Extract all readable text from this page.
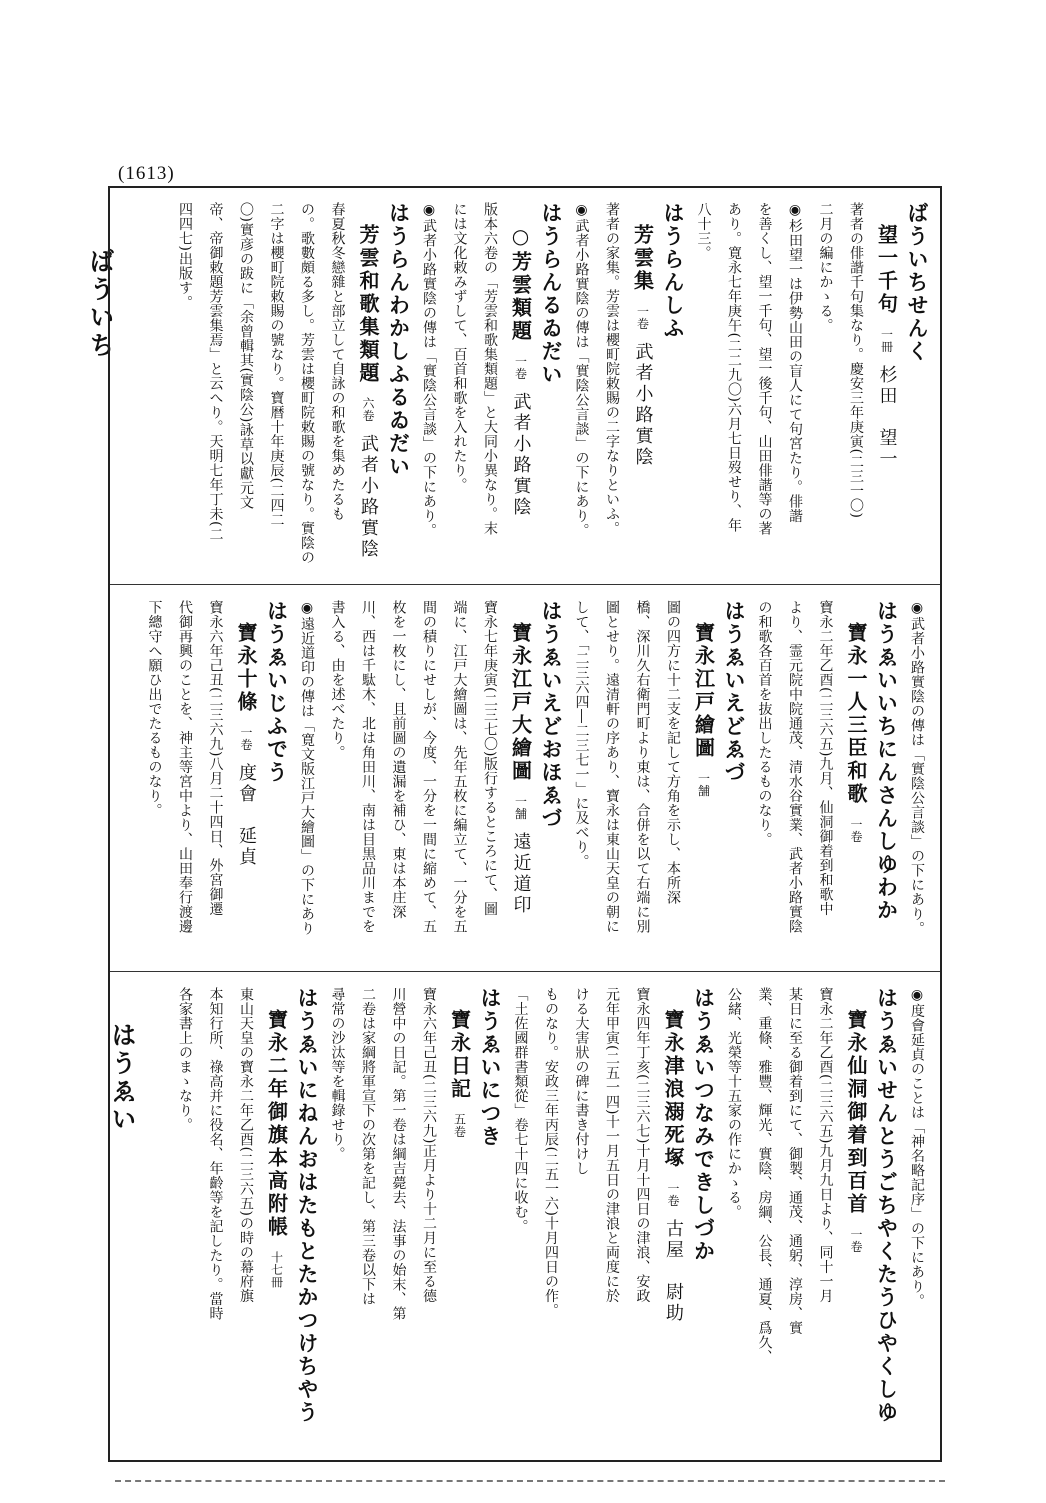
(1613)
ばういち
はうゑい
ばういちせんく
望一千句一冊杉田　望一
著者の俳諧千句集なり。慶安三年庚寅(二三一〇)
二月の編にかゝる。
◉杉田望一は伊勢山田の盲人にて句宮たり。俳諧
を善くし、望一千句、望一後千句、山田俳諧等の著
あり。寛永七年庚午(二二九〇)六月七日歿せり、年
八十三。
はうらんしふ
芳雲集一卷武者小路實陰
著者の家集。芳雲は櫻町院敕賜の二字なりといふ。
◉武者小路實陰の傳は「實陰公言談」の下にあり。
はうらんるゐだい
○芳雲類題一卷武者小路實陰
版本六卷の「芳雲和歌集類題」と大同小異なり。末
には文化敕みずして、百首和歌を入れたり。
◉武者小路實陰の傳は「實陰公言談」の下にあり。
はうらんわかしふるゐだい
芳雲和歌集類題六卷武者小路實陰
春夏秋冬戀雜と部立して自詠の和歌を集めたるも
の。歌數頗る多し。芳雲は櫻町院敕賜の號なり。實陰の
二字は櫻町院敕賜の號なり。寶暦十年庚辰(二四二
〇)實彦の跋に「余曾輯其(實陰公)詠草以獻元文
帝、帝御敕題芳雲集焉」と云へり。天明七年丁未(二
四四七)出版す。
◉武者小路實陰の傳は「實陰公言談」の下にあり。
はうゑいいちにんさんしゆわか
寶永一人三臣和歌一卷
寶永二年乙酉(二三六五)九月、仙洞御着到和歌中
より、霊元院中院通茂、清水谷實業、武者小路實陰
の和歌各百首を抜出したるものなり。
はうゑいえどゑづ
寶永江戸繪圖一舗
圖の四方に十二支を記して方角を示し、本所深
橋、深川久右衛門町より東は、合併を以て右端に別
圖とせり。遠清軒の序あり、寶永は東山天皇の朝に
して、「二三六四―二三七一」に及べり。
はうゑいえどおほゑづ
寶永江戸大繪圖一舗遠近道印
寶永七年庚寅(二三七〇)版行するところにて、圖
端に、江戸大繪圖は、先年五枚に編立て、一分を五
間の積りにせしが、今度、一分を一間に縮めて、五
枚を一枚にし、且前圖の遺漏を補ひ、東は本庄深
川、西は千駄木、北は角田川、南は目黒品川までを
書入る、由を述べたり。
◉遠近道印の傳は「寛文版江戸大繪圖」の下にあり
はうゑいじふでう
寶永十條一卷度會　延貞
寶永六年己丑(二三六九)八月二十四日、外宮御遷
代御再興のことを、神主等宮中より、山田奉行渡邊
下總守へ願ひ出でたるものなり。
◉度會延貞のことは「神名略記序」の下にあり。
はうゑいせんとうごちやくたうひやくしゆ
寶永仙洞御着到百首一卷
寶永二年乙酉(二三六五)九月九日より、同十一月
某日に至る御着到にて、御製、通茂、通躬、淳房、實
業、重條、雅豐、輝光、實陰、房綱、公長、通夏、爲久、
公緒、光榮等十五家の作にかゝる。
はうゑいつなみできしづか
寶永津浪溺死塚一卷古屋　尉助
寶永四年丁亥(二三六七)十月十四日の津浪、安政
元年甲寅(二五一四)十一月五日の津浪と両度に於
ける大害狀の碑に書き付けし
ものなり。安政三年丙辰(二五一六)十月四日の作。
「土佐國群書類從」卷七十四に收む。
はうゑいにつき
寶永日記五卷
寶永六年己丑(二三六九)正月より十二月に至る德
川營中の日記。第一卷は綱吉薨去、法事の始末、第
二卷は家綱將軍宣下の次第を記し、第三卷以下は
尋常の沙汰等を輯錄せり。
はうゑいにねんおはたもとたかつけちやう
寶永二年御旗本高附帳十七冊
東山天皇の寶永二年乙酉(二三六五)の時の幕府旗
本知行所、祿高并に役名、年齡等を記したり。當時
各家書上のまゝなり。
